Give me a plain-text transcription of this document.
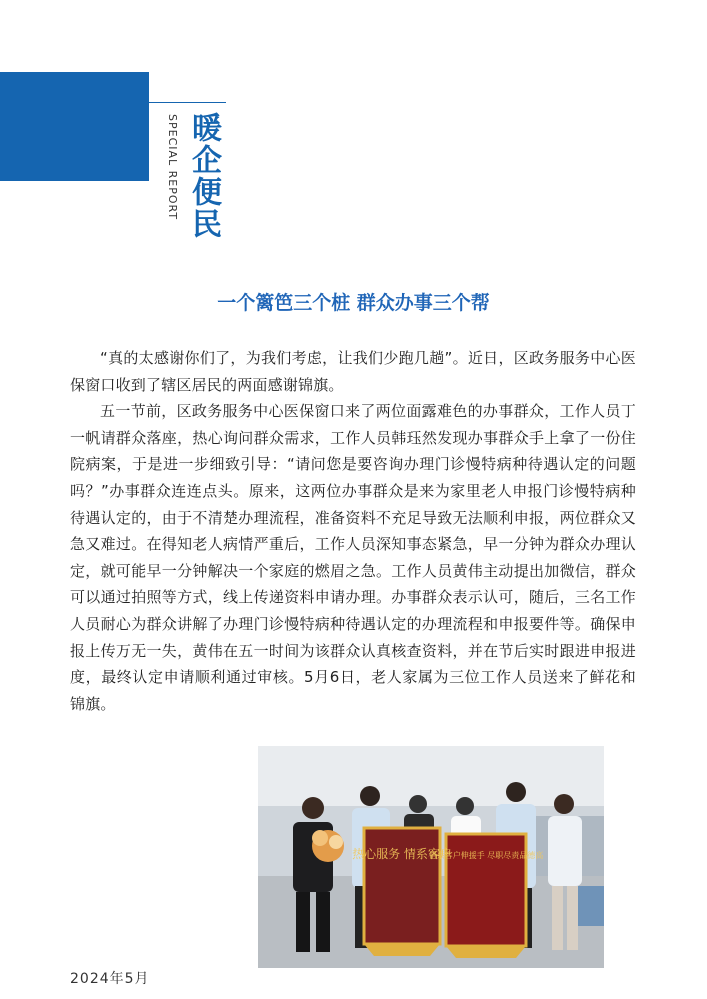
暖企便民
SPECIAL REPORT
一个篱笆三个桩 群众办事三个帮

“真的太感谢你们了，为我们考虑，让我们少跑几趟”。近日，区政务服务中心医保窗口收到了辖区居民的两面感谢锦旗。

五一节前，区政务服务中心医保窗口来了两位面露难色的办事群众，工作人员丁一帆请群众落座，热心询问群众需求，工作人员韩珏然发现办事群众手上拿了一份住院病案，于是进一步细致引导：“请问您是要咨询办理门诊慢特病种待遇认定的问题吗？”办事群众连连点头。原来，这两位办事群众是来为家里老人申报门诊慢特病种待遇认定的，由于不清楚办理流程，准备资料不充足导致无法顺利申报，两位群众又急又难过。在得知老人病情严重后，工作人员深知事态紧急，早一分钟为群众办理认定，就可能早一分钟解决一个家庭的燃眉之急。工作人员黄伟主动提出加微信，群众可以通过拍照等方式，线上传递资料申请办理。办事群众表示认可，随后，三名工作人员耐心为群众讲解了办理门诊慢特病种待遇认定的办理流程和申报要件等。确保申报上传万无一失，黄伟在五一时间为该群众认真核查资料，并在节后实时跟进申报进度，最终认定申请顺利通过审核。5月6日，老人家属为三位工作人员送来了鲜花和锦旗。

热心服务 情系客户
情系客户伸援手 尽职尽责品德高
2024年5月
